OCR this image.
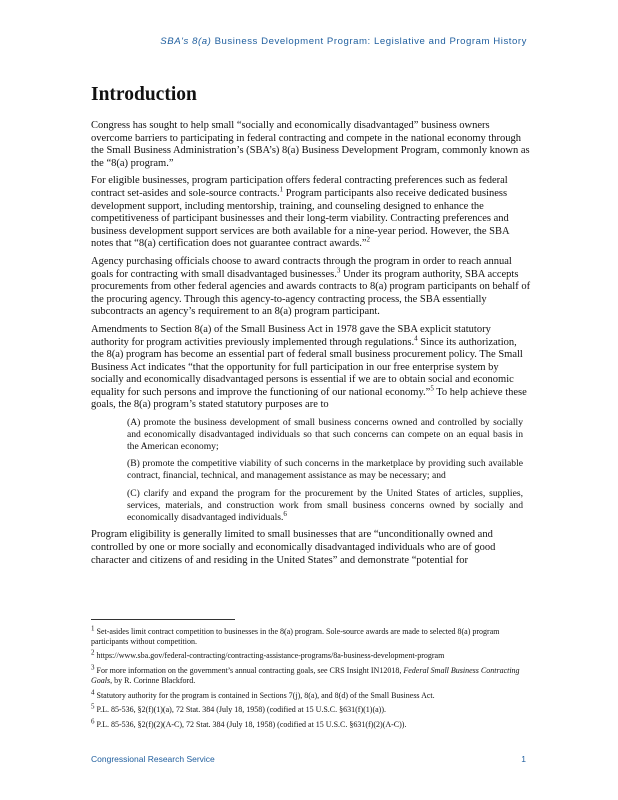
SBA's 8(a) Business Development Program: Legislative and Program History
Introduction

Congress has sought to help small “socially and economically disadvantaged” business owners overcome barriers to participating in federal contracting and compete in the national economy through the Small Business Administration’s (SBA’s) 8(a) Business Development Program, commonly known as the “8(a) program.”

For eligible businesses, program participation offers federal contracting preferences such as federal contract set-asides and sole-source contracts.$^1$ Program participants also receive dedicated business development support, including mentorship, training, and counseling designed to enhance the competitiveness of participant businesses and their long-term viability. Contracting preferences and business development support services are both available for a nine-year period. However, the SBA notes that “8(a) certification does not guarantee contract awards.”$^2$

Agency purchasing officials choose to award contracts through the program in order to reach annual goals for contracting with small disadvantaged businesses.$^3$ Under its program authority, SBA accepts procurements from other federal agencies and awards contracts to 8(a) program participants on behalf of the procuring agency. Through this agency-to-agency contracting process, the SBA essentially subcontracts an agency’s requirement to an 8(a) program participant.

Amendments to Section 8(a) of the Small Business Act in 1978 gave the SBA explicit statutory authority for program activities previously implemented through regulations.$^4$ Since its authorization, the 8(a) program has become an essential part of federal small business procurement policy. The Small Business Act indicates “that the opportunity for full participation in our free enterprise system by socially and economically disadvantaged persons is essential if we are to obtain social and economic equality for such persons and improve the functioning of our national economy.”$^5$ To help achieve these goals, the 8(a) program’s stated statutory purposes are to

(A) promote the business development of small business concerns owned and controlled by socially and economically disadvantaged individuals so that such concerns can compete on an equal basis in the American economy;

(B) promote the competitive viability of such concerns in the marketplace by providing such available contract, financial, technical, and management assistance as may be necessary; and

(C) clarify and expand the program for the procurement by the United States of articles, supplies, services, materials, and construction work from small business concerns owned by socially and economically disadvantaged individuals.$^6$

Program eligibility is generally limited to small businesses that are “unconditionally owned and controlled by one or more socially and economically disadvantaged individuals who are of good character and citizens of and residing in the United States” and demonstrate “potential for

$^1$ Set-asides limit contract competition to businesses in the 8(a) program. Sole-source awards are made to selected 8(a) program participants without competition.

$^2$ https://www.sba.gov/federal-contracting/contracting-assistance-programs/8a-business-development-program

$^3$ For more information on the government’s annual contracting goals, see CRS Insight IN12018, Federal Small Business Contracting Goals, by R. Corinne Blackford.

$^4$ Statutory authority for the program is contained in Sections 7(j), 8(a), and 8(d) of the Small Business Act.

$^5$ P.L. 85-536, §2(f)(1)(a), 72 Stat. 384 (July 18, 1958) (codified at 15 U.S.C. §631(f)(1)(a)).

$^6$ P.L. 85-536, §2(f)(2)(A-C), 72 Stat. 384 (July 18, 1958) (codified at 15 U.S.C. §631(f)(2)(A-C)).

Congressional Research Service	1
